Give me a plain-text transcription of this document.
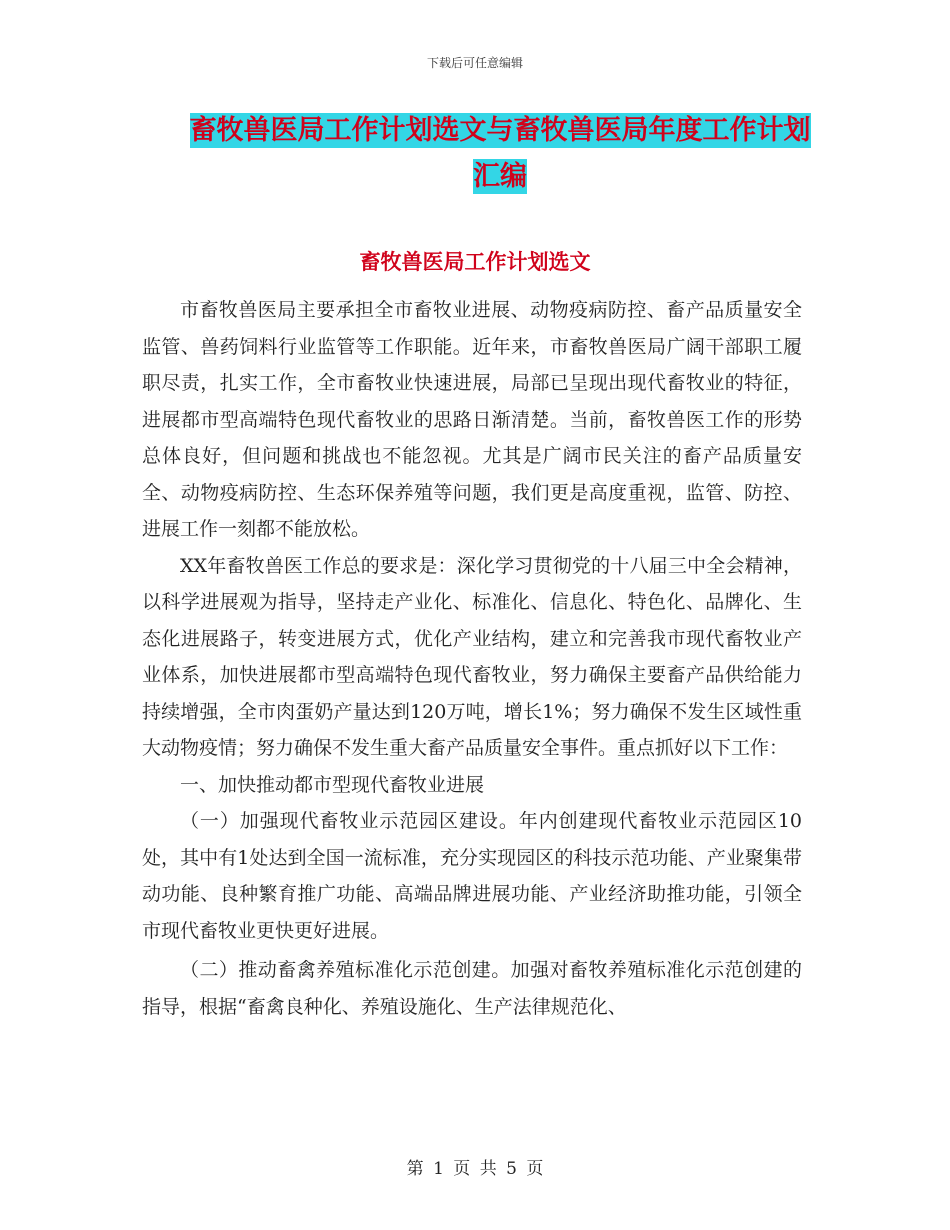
下载后可任意编辑
畜牧兽医局工作计划选文与畜牧兽医局年度工作计划
汇编
畜牧兽医局工作计划选文

市畜牧兽医局主要承担全市畜牧业进展、动物疫病防控、畜产品质量安全监管、兽药饲料行业监管等工作职能。近年来，市畜牧兽医局广阔干部职工履职尽责，扎实工作，全市畜牧业快速进展，局部已呈现出现代畜牧业的特征，进展都市型高端特色现代畜牧业的思路日渐清楚。当前，畜牧兽医工作的形势总体良好，但问题和挑战也不能忽视。尤其是广阔市民关注的畜产品质量安全、动物疫病防控、生态环保养殖等问题，我们更是高度重视，监管、防控、进展工作一刻都不能放松。

XX年畜牧兽医工作总的要求是：深化学习贯彻党的十八届三中全会精神，以科学进展观为指导，坚持走产业化、标准化、信息化、特色化、品牌化、生态化进展路子，转变进展方式，优化产业结构，建立和完善我市现代畜牧业产业体系，加快进展都市型高端特色现代畜牧业，努力确保主要畜产品供给能力持续增强，全市肉蛋奶产量达到120万吨，增长1%；努力确保不发生区域性重大动物疫情；努力确保不发生重大畜产品质量安全事件。重点抓好以下工作：

一、加快推动都市型现代畜牧业进展

（一）加强现代畜牧业示范园区建设。年内创建现代畜牧业示范园区10处，其中有1处达到全国一流标准，充分实现园区的科技示范功能、产业聚集带动功能、良种繁育推广功能、高端品牌进展功能、产业经济助推功能，引领全市现代畜牧业更快更好进展。

（二）推动畜禽养殖标准化示范创建。加强对畜牧养殖标准化示范创建的指导，根据“畜禽良种化、养殖设施化、生产法律规范化、

第 1 页 共 5 页
